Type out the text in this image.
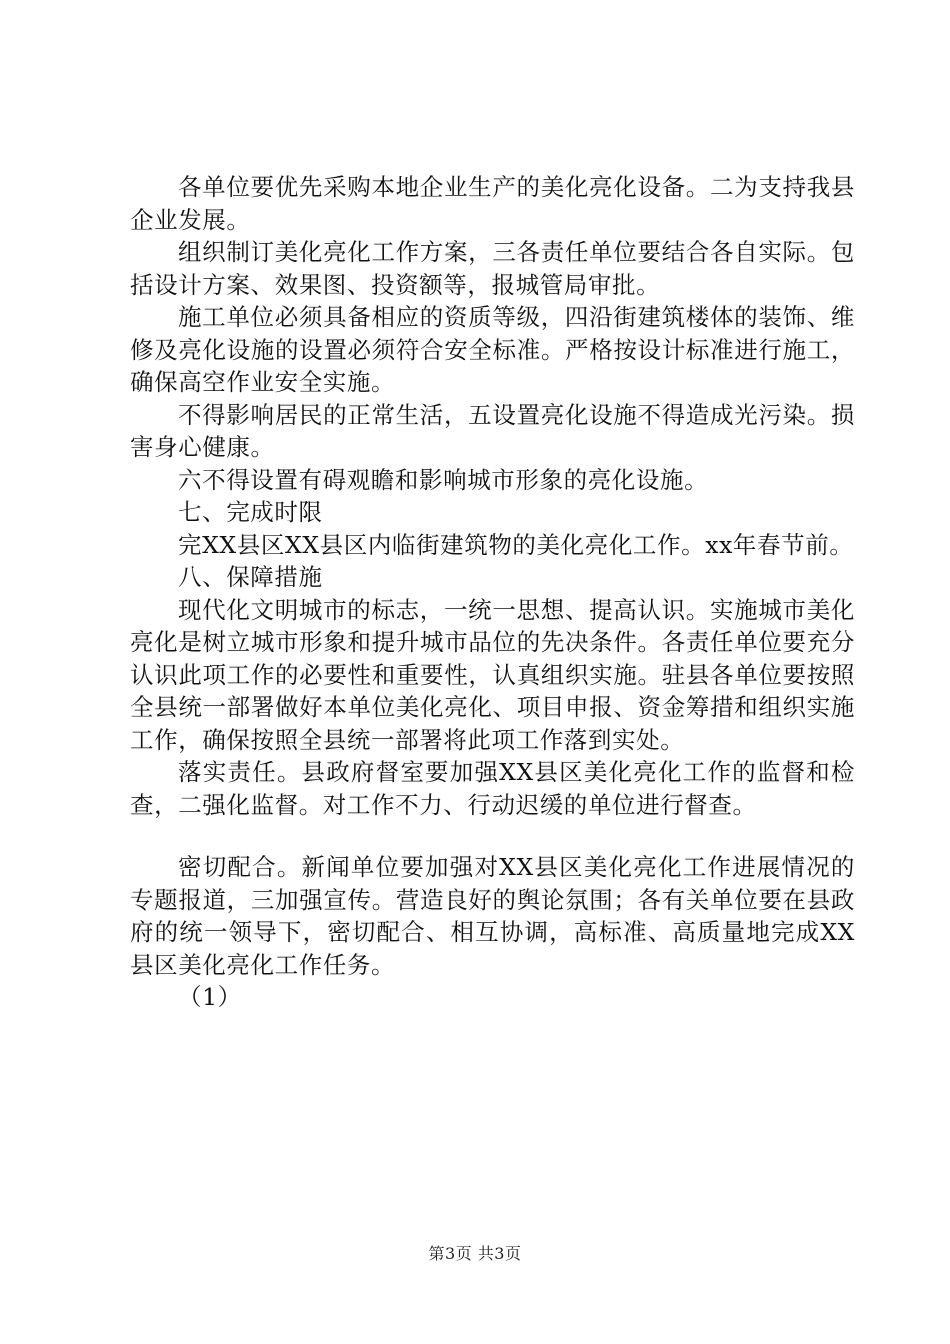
各单位要优先采购本地企业生产的美化亮化设备。二为支持我县企业发展。

组织制订美化亮化工作方案，三各责任单位要结合各自实际。包括设计方案、效果图、投资额等，报城管局审批。

施工单位必须具备相应的资质等级，四沿街建筑楼体的装饰、维修及亮化设施的设置必须符合安全标准。严格按设计标准进行施工，确保高空作业安全实施。

不得影响居民的正常生活，五设置亮化设施不得造成光污染。损害身心健康。

六不得设置有碍观瞻和影响城市形象的亮化设施。

七、完成时限

完XX县区XX县区内临街建筑物的美化亮化工作。xx年春节前。

八、保障措施

现代化文明城市的标志，一统一思想、提高认识。实施城市美化亮化是树立城市形象和提升城市品位的先决条件。各责任单位要充分认识此项工作的必要性和重要性，认真组织实施。驻县各单位要按照全县统一部署做好本单位美化亮化、项目申报、资金筹措和组织实施工作，确保按照全县统一部署将此项工作落到实处。

落实责任。县政府督室要加强XX县区美化亮化工作的监督和检查，二强化监督。对工作不力、行动迟缓的单位进行督查。

密切配合。新闻单位要加强对XX县区美化亮化工作进展情况的专题报道，三加强宣传。营造良好的舆论氛围；各有关单位要在县政府的统一领导下，密切配合、相互协调，高标准、高质量地完成XX县区美化亮化工作任务。

（1）

第3页 共3页
